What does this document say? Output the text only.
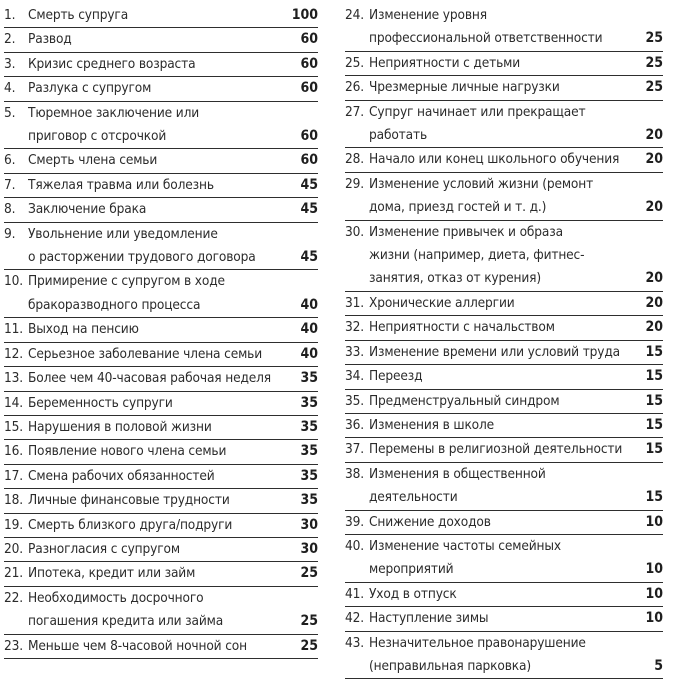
1. Смерть супруга	100
2. Развод	60
3. Кризис среднего возраста	60
4. Разлука с супругом	60
5. Тюремное заключение или
приговор с отсрочкой	60
6. Смерть члена семьи	60
7. Тяжелая травма или болезнь	45
8. Заключение брака	45
9. Увольнение или уведомление
о расторжении трудового договора	45
10. Примирение с супругом в ходе
бракоразводного процесса	40
11. Выход на пенсию	40
12. Серьезное заболевание члена семьи	40
13. Более чем 40-часовая рабочая неделя	35
14. Беременность супруги	35
15. Нарушения в половой жизни	35
16. Появление нового члена семьи	35
17. Смена рабочих обязанностей	35
18. Личные финансовые трудности	35
19. Смерть близкого друга/подруги	30
20. Разногласия с супругом	30
21. Ипотека, кредит или займ	25
22. Необходимость досрочного
погашения кредита или займа	25
23. Меньше чем 8-часовой ночной сон	25
24. Изменение уровня
профессиональной ответственности	25
25. Неприятности с детьми	25
26. Чрезмерные личные нагрузки	25
27. Супруг начинает или прекращает
работать	20
28. Начало или конец школьного обучения	20
29. Изменение условий жизни (ремонт
дома, приезд гостей и т. д.)	20
30. Изменение привычек и образа
жизни (например, диета, фитнес-
занятия, отказ от курения)	20
31. Хронические аллергии	20
32. Неприятности с начальством	20
33. Изменение времени или условий труда	15
34. Переезд	15
35. Предменструальный синдром	15
36. Изменения в школе	15
37. Перемены в религиозной деятельности	15
38. Изменения в общественной
деятельности	15
39. Снижение доходов	10
40. Изменение частоты семейных
мероприятий	10
41. Уход в отпуск	10
42. Наступление зимы	10
43. Незначительное правонарушение
(неправильная парковка)	5
